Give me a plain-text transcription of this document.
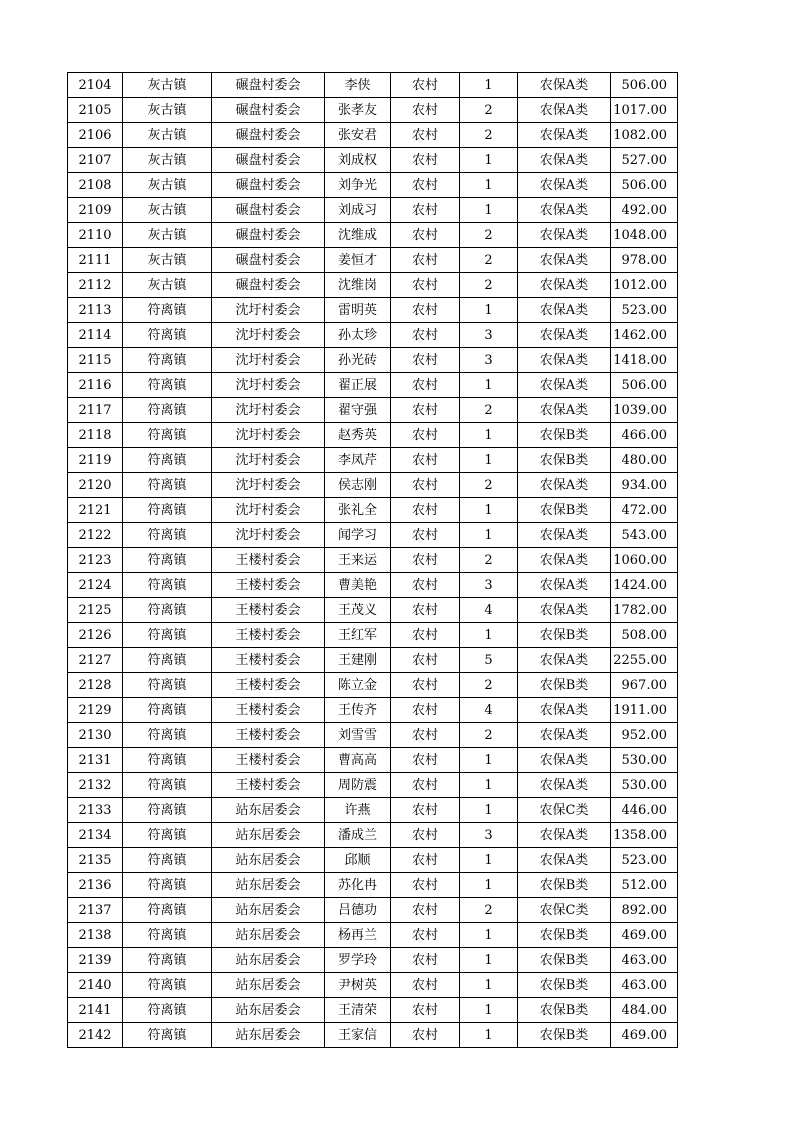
2104	灰古镇	碾盘村委会	李侠	农村	1	农保A类	506.00
2105	灰古镇	碾盘村委会	张孝友	农村	2	农保A类	1017.00
2106	灰古镇	碾盘村委会	张安君	农村	2	农保A类	1082.00
2107	灰古镇	碾盘村委会	刘成权	农村	1	农保A类	527.00
2108	灰古镇	碾盘村委会	刘争光	农村	1	农保A类	506.00
2109	灰古镇	碾盘村委会	刘成习	农村	1	农保A类	492.00
2110	灰古镇	碾盘村委会	沈维成	农村	2	农保A类	1048.00
2111	灰古镇	碾盘村委会	姜恒才	农村	2	农保A类	978.00
2112	灰古镇	碾盘村委会	沈维岗	农村	2	农保A类	1012.00
2113	符离镇	沈圩村委会	雷明英	农村	1	农保A类	523.00
2114	符离镇	沈圩村委会	孙太珍	农村	3	农保A类	1462.00
2115	符离镇	沈圩村委会	孙光砖	农村	3	农保A类	1418.00
2116	符离镇	沈圩村委会	翟正展	农村	1	农保A类	506.00
2117	符离镇	沈圩村委会	翟守强	农村	2	农保A类	1039.00
2118	符离镇	沈圩村委会	赵秀英	农村	1	农保B类	466.00
2119	符离镇	沈圩村委会	李凤芹	农村	1	农保B类	480.00
2120	符离镇	沈圩村委会	侯志刚	农村	2	农保A类	934.00
2121	符离镇	沈圩村委会	张礼全	农村	1	农保B类	472.00
2122	符离镇	沈圩村委会	闻学习	农村	1	农保A类	543.00
2123	符离镇	王楼村委会	王来运	农村	2	农保A类	1060.00
2124	符离镇	王楼村委会	曹美艳	农村	3	农保A类	1424.00
2125	符离镇	王楼村委会	王茂义	农村	4	农保A类	1782.00
2126	符离镇	王楼村委会	王红军	农村	1	农保B类	508.00
2127	符离镇	王楼村委会	王建刚	农村	5	农保A类	2255.00
2128	符离镇	王楼村委会	陈立金	农村	2	农保B类	967.00
2129	符离镇	王楼村委会	王传齐	农村	4	农保A类	1911.00
2130	符离镇	王楼村委会	刘雪雪	农村	2	农保A类	952.00
2131	符离镇	王楼村委会	曹高高	农村	1	农保A类	530.00
2132	符离镇	王楼村委会	周防震	农村	1	农保A类	530.00
2133	符离镇	站东居委会	许燕	农村	1	农保C类	446.00
2134	符离镇	站东居委会	潘成兰	农村	3	农保A类	1358.00
2135	符离镇	站东居委会	邱顺	农村	1	农保A类	523.00
2136	符离镇	站东居委会	苏化冉	农村	1	农保B类	512.00
2137	符离镇	站东居委会	吕德功	农村	2	农保C类	892.00
2138	符离镇	站东居委会	杨再兰	农村	1	农保B类	469.00
2139	符离镇	站东居委会	罗学玲	农村	1	农保B类	463.00
2140	符离镇	站东居委会	尹树英	农村	1	农保B类	463.00
2141	符离镇	站东居委会	王清荣	农村	1	农保B类	484.00
2142	符离镇	站东居委会	王家信	农村	1	农保B类	469.00
